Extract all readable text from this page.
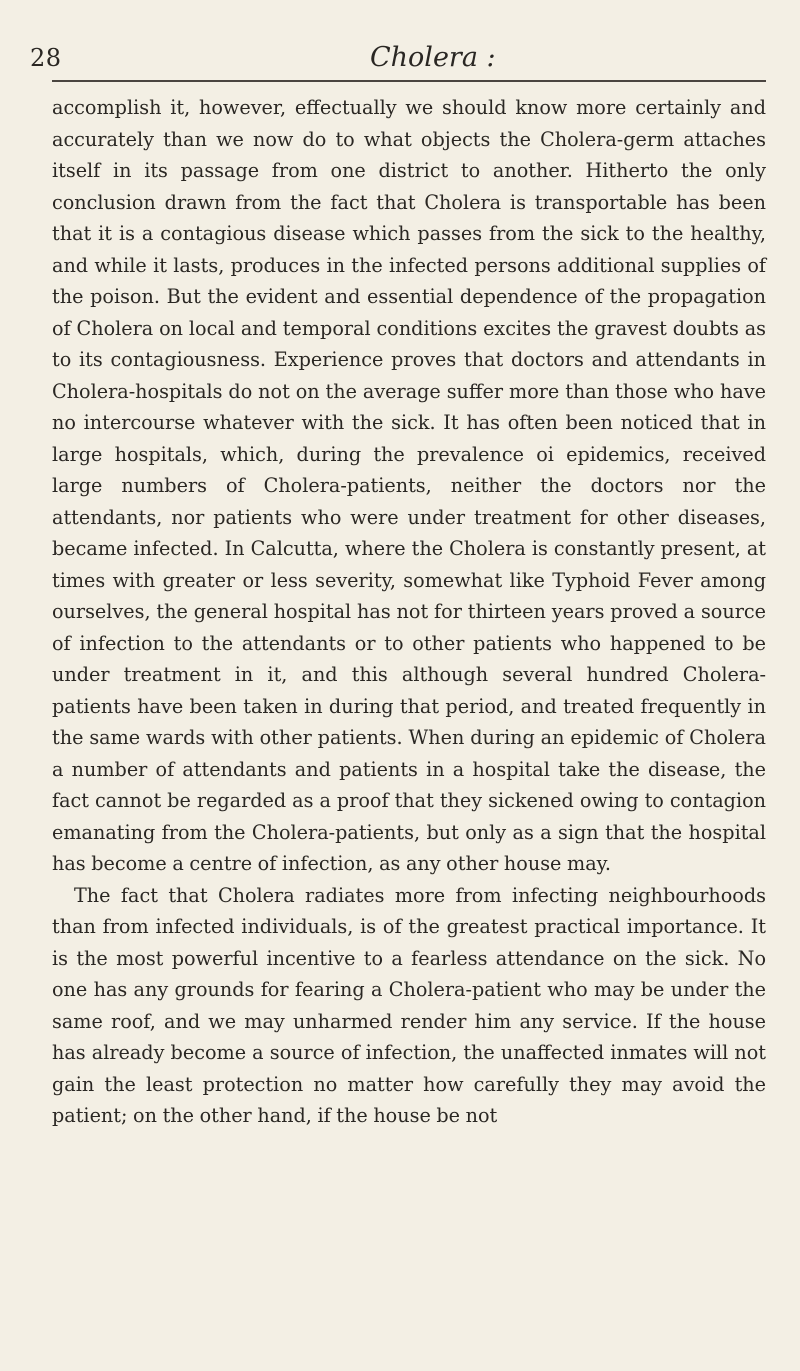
28	Cholera :

accomplish it, however, effectually we should know more certainly and accurately than we now do to what objects the Cholera-germ attaches itself in its passage from one district to another. Hitherto the only conclusion drawn from the fact that Cholera is transportable has been that it is a contagious disease which passes from the sick to the healthy, and while it lasts, produces in the infected persons additional supplies of the poison. But the evident and essential dependence of the propagation of Cholera on local and temporal conditions excites the gravest doubts as to its contagiousness. Experience proves that doctors and attendants in Cholera-hospitals do not on the average suffer more than those who have no intercourse whatever with the sick. It has often been noticed that in large hospitals, which, during the prevalence oi epidemics, received large numbers of Cholera-patients, neither the doctors nor the attendants, nor patients who were under treatment for other diseases, became infected. In Calcutta, where the Cholera is constantly present, at times with greater or less severity, somewhat like Typhoid Fever among ourselves, the general hospital has not for thirteen years proved a source of infection to the attendants or to other patients who happened to be under treatment in it, and this although several hundred Cholera-patients have been taken in during that period, and treated frequently in the same wards with other patients. When during an epidemic of Cholera a number of attendants and patients in a hospital take the disease, the fact cannot be regarded as a proof that they sickened owing to contagion emanating from the Cholera-patients, but only as a sign that the hospital has become a centre of infection, as any other house may.

The fact that Cholera radiates more from infecting neighbourhoods than from infected individuals, is of the greatest practical importance. It is the most powerful incentive to a fearless attendance on the sick. No one has any grounds for fearing a Cholera-patient who may be under the same roof, and we may unharmed render him any service. If the house has already become a source of infection, the unaffected inmates will not gain the least protection no matter how carefully they may avoid the patient; on the other hand, if the house be not
